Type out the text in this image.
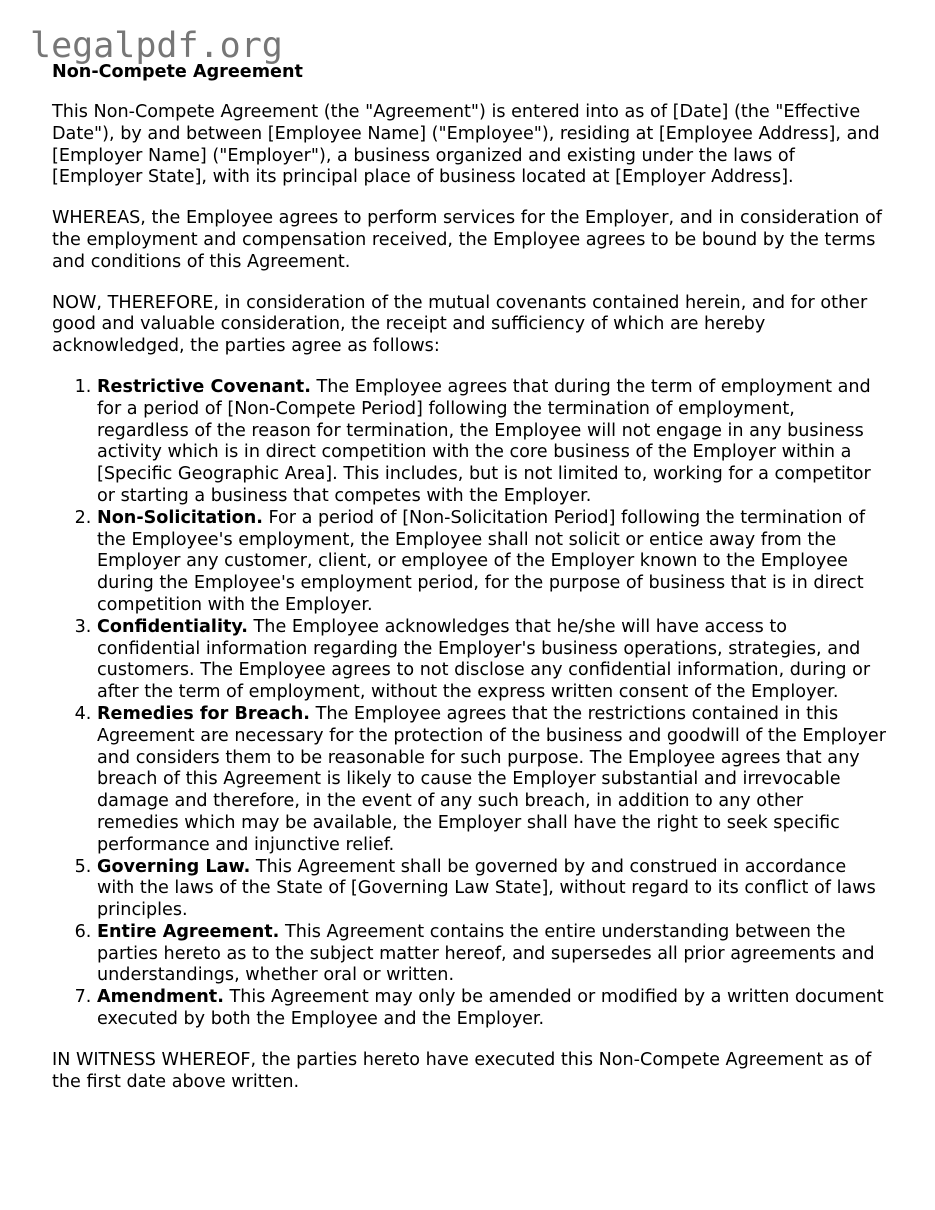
legalpdf.org
Non-Compete Agreement

This Non-Compete Agreement (the "Agreement") is entered into as of [Date] (the "Effective Date"), by and between [Employee Name] ("Employee"), residing at [Employee Address], and [Employer Name] ("Employer"), a business organized and existing under the laws of [Employer State], with its principal place of business located at [Employer Address].

WHEREAS, the Employee agrees to perform services for the Employer, and in consideration of the employment and compensation received, the Employee agrees to be bound by the terms and conditions of this Agreement.

NOW, THEREFORE, in consideration of the mutual covenants contained herein, and for other good and valuable consideration, the receipt and sufficiency of which are hereby acknowledged, the parties agree as follows:

1. Restrictive Covenant. The Employee agrees that during the term of employment and for a period of [Non-Compete Period] following the termination of employment, regardless of the reason for termination, the Employee will not engage in any business activity which is in direct competition with the core business of the Employer within a [Specific Geographic Area]. This includes, but is not limited to, working for a competitor or starting a business that competes with the Employer.
2. Non-Solicitation. For a period of [Non-Solicitation Period] following the termination of the Employee's employment, the Employee shall not solicit or entice away from the Employer any customer, client, or employee of the Employer known to the Employee during the Employee's employment period, for the purpose of business that is in direct competition with the Employer.
3. Confidentiality. The Employee acknowledges that he/she will have access to confidential information regarding the Employer's business operations, strategies, and customers. The Employee agrees to not disclose any confidential information, during or after the term of employment, without the express written consent of the Employer.
4. Remedies for Breach. The Employee agrees that the restrictions contained in this Agreement are necessary for the protection of the business and goodwill of the Employer and considers them to be reasonable for such purpose. The Employee agrees that any breach of this Agreement is likely to cause the Employer substantial and irrevocable damage and therefore, in the event of any such breach, in addition to any other remedies which may be available, the Employer shall have the right to seek specific performance and injunctive relief.
5. Governing Law. This Agreement shall be governed by and construed in accordance with the laws of the State of [Governing Law State], without regard to its conflict of laws principles.
6. Entire Agreement. This Agreement contains the entire understanding between the parties hereto as to the subject matter hereof, and supersedes all prior agreements and understandings, whether oral or written.
7. Amendment. This Agreement may only be amended or modified by a written document executed by both the Employee and the Employer.

IN WITNESS WHEREOF, the parties hereto have executed this Non-Compete Agreement as of the first date above written.
